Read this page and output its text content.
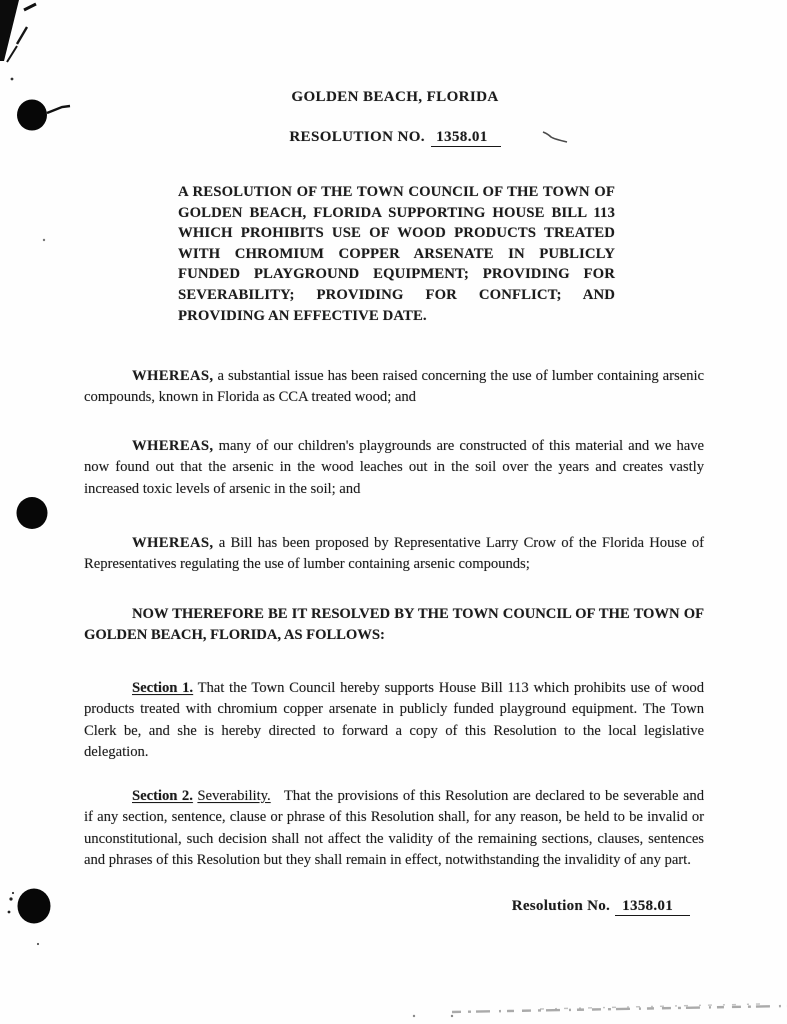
GOLDEN BEACH, FLORIDA
RESOLUTION NO. 1358.01
A RESOLUTION OF THE TOWN COUNCIL OF THE TOWN OF GOLDEN BEACH, FLORIDA SUPPORTING HOUSE BILL 113 WHICH PROHIBITS USE OF WOOD PRODUCTS TREATED WITH CHROMIUM COPPER ARSENATE IN PUBLICLY FUNDED PLAYGROUND EQUIPMENT; PROVIDING FOR SEVERABILITY; PROVIDING FOR CONFLICT; AND PROVIDING AN EFFECTIVE DATE.

WHEREAS, a substantial issue has been raised concerning the use of lumber containing arsenic compounds, known in Florida as CCA treated wood; and

WHEREAS, many of our children's playgrounds are constructed of this material and we have now found out that the arsenic in the wood leaches out in the soil over the years and creates vastly increased toxic levels of arsenic in the soil; and

WHEREAS, a Bill has been proposed by Representative Larry Crow of the Florida House of Representatives regulating the use of lumber containing arsenic compounds;

NOW THEREFORE BE IT RESOLVED BY THE TOWN COUNCIL OF THE TOWN OF GOLDEN BEACH, FLORIDA, AS FOLLOWS:

Section 1. That the Town Council hereby supports House Bill 113 which prohibits use of wood products treated with chromium copper arsenate in publicly funded playground equipment. The Town Clerk be, and she is hereby directed to forward a copy of this Resolution to the local legislative delegation.

Section 2. Severability. That the provisions of this Resolution are declared to be severable and if any section, sentence, clause or phrase of this Resolution shall, for any reason, be held to be invalid or unconstitutional, such decision shall not affect the validity of the remaining sections, clauses, sentences and phrases of this Resolution but they shall remain in effect, notwithstanding the invalidity of any part.

Resolution No. 1358.01
